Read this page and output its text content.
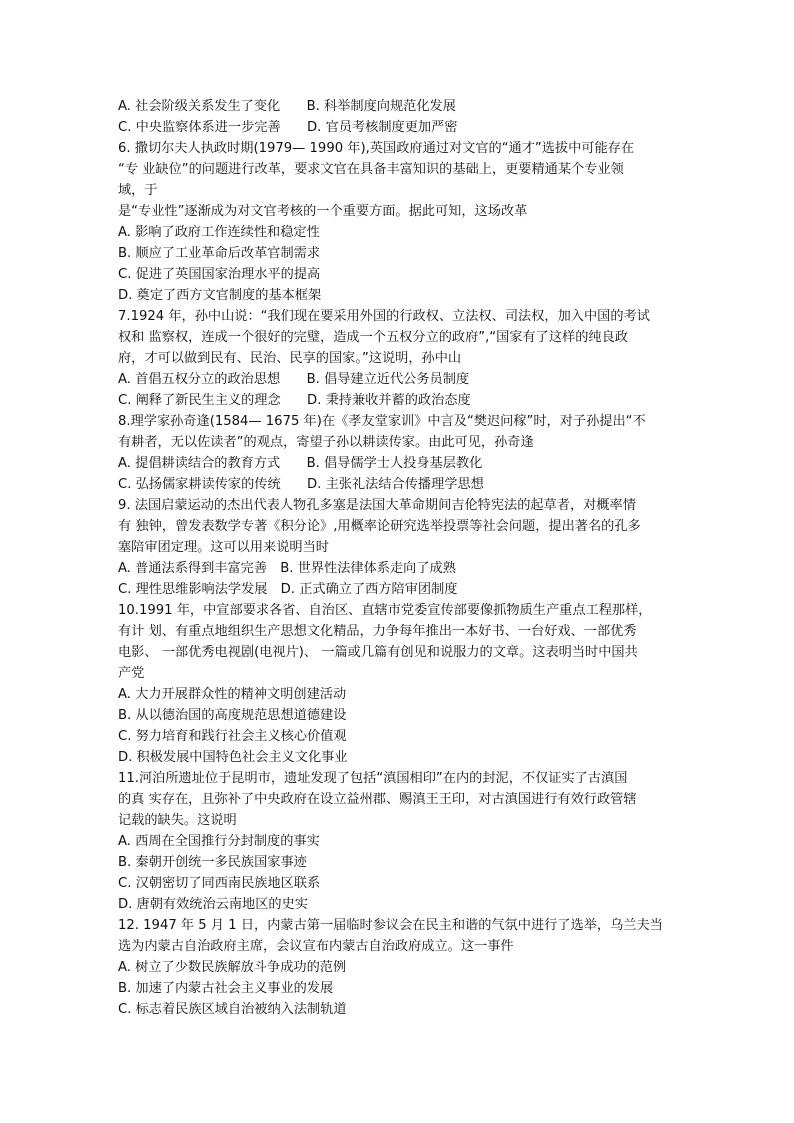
A. 社会阶级关系发生了变化　　B. 科举制度向规范化发展
C. 中央监察体系进一步完善　　D. 官员考核制度更加严密
6. 撒切尔夫人执政时期(1979— 1990 年),英国政府通过对文官的“通才”选拔中可能存在
“专 业缺位”的问题进行改革，要求文官在具备丰富知识的基础上，更要精通某个专业领
域，于
是“专业性”逐渐成为对文官考核的一个重要方面。据此可知，这场改革
A. 影响了政府工作连续性和稳定性
B. 顺应了工业革命后改革官制需求
C. 促进了英国国家治理水平的提高
D. 奠定了西方文官制度的基本框架
7.1924 年，孙中山说：“我们现在要采用外国的行政权、立法权、司法权，加入中国的考试
权和 监察权，连成一个很好的完璧，造成一个五权分立的政府”,“国家有了这样的纯良政
府，才可以做到民有、民治、民享的国家。”这说明，孙中山
A. 首倡五权分立的政治思想　　B. 倡导建立近代公务员制度
C. 阐释了新民生主义的理念　　D. 秉持兼收并蓄的政治态度
8.理学家孙奇逢(1584— 1675 年)在《孝友堂家训》中言及“樊迟问稼”时，对子孙提出“不
有耕者，无以佐读者”的观点，寄望子孙以耕读传家。由此可见，孙奇逢
A. 提倡耕读结合的教育方式　　B. 倡导儒学士人投身基层教化
C. 弘扬儒家耕读传家的传统　　D. 主张礼法结合传播理学思想
9. 法国启蒙运动的杰出代表人物孔多塞是法国大革命期间吉伦特宪法的起草者，对概率情
有 独钟，曾发表数学专著《积分论》,用概率论研究选举投票等社会问题，提出著名的孔多
塞陪审团定理。这可以用来说明当时
A. 普通法系得到丰富完善　B. 世界性法律体系走向了成熟
C. 理性思维影响法学发展　D. 正式确立了西方陪审团制度
10.1991 年，中宣部要求各省、自治区、直辖市党委宣传部要像抓物质生产重点工程那样，
有计 划、有重点地组织生产思想文化精品，力争每年推出一本好书、一台好戏、一部优秀
电影、 一部优秀电视剧(电视片)、 一篇或几篇有创见和说服力的文章。这表明当时中国共
产党
A. 大力开展群众性的精神文明创建活动
B. 从以德治国的高度规范思想道德建设
C. 努力培育和践行社会主义核心价值观
D. 积极发展中国特色社会主义文化事业
11.河泊所遗址位于昆明市，遗址发现了包括“滇国相印”在内的封泥，不仅证实了古滇国
的真 实存在，且弥补了中央政府在设立益州郡、赐滇王王印，对古滇国进行有效行政管辖
记载的缺失。这说明
A. 西周在全国推行分封制度的事实
B. 秦朝开创统一多民族国家事迹
C. 汉朝密切了同西南民族地区联系
D. 唐朝有效统治云南地区的史实
12. 1947 年 5 月 1 日，内蒙古第一届临时参议会在民主和谐的气氛中进行了选举，乌兰夫当
选为内蒙古自治政府主席，会议宣布内蒙古自治政府成立。这一事件
A. 树立了少数民族解放斗争成功的范例
B. 加速了内蒙古社会主义事业的发展
C. 标志着民族区域自治被纳入法制轨道
